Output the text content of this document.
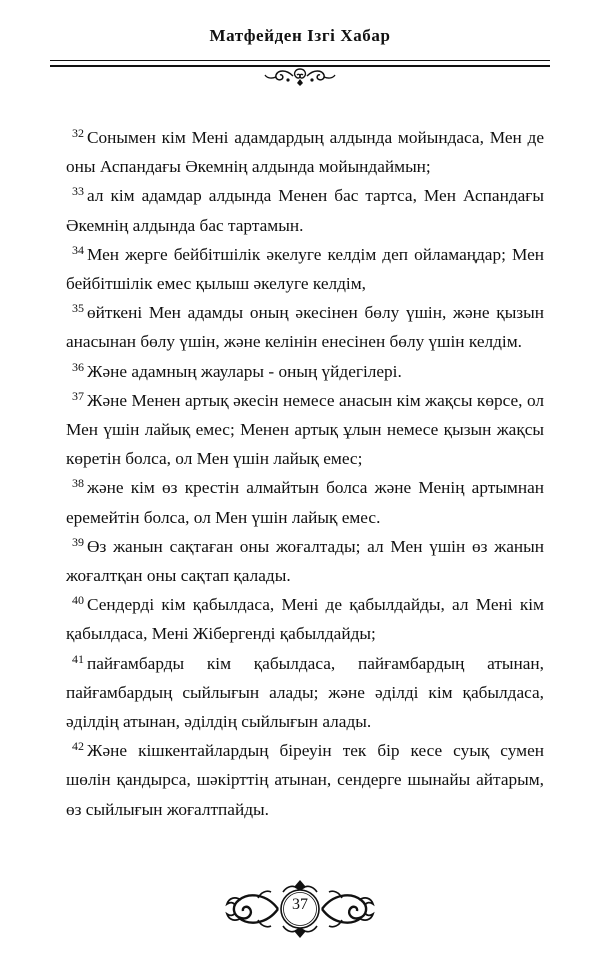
Матфейден Ізгі Хабар

$^{32}$ Сонымен кім Мені адамдардың алдында мойындаса, Мен де оны Аспандағы Әкемнің алдында мойындаймын;

$^{33}$ ал кім адамдар алдында Менен бас тартса, Мен Аспандағы Әкемнің алдында бас тартамын.

$^{34}$ Мен жерге бейбітшілік әкелуге келдім деп ойламаңдар; Мен бейбітшілік емес қылыш әкелуге келдім,

$^{35}$ өйткені Мен адамды оның әкесінен бөлу үшін, және қызын анасынан бөлу үшін, және келінін енесінен бөлу үшін келдім.

$^{36}$ Және адамның жаулары - оның үйдегілері.

$^{37}$ Және Менен артық әкесін немесе анасын кім жақсы көрсе, ол Мен үшін лайық емес; Менен артық ұлын немесе қызын жақсы көретін болса, ол Мен үшін лайық емес;

$^{38}$ және кім өз крестін алмайтын болса және Менің артымнан еремейтін болса, ол Мен үшін лайық емес.

$^{39}$ Өз жанын сақтаған оны жоғалтады; ал Мен үшін өз жанын жоғалтқан оны сақтап қалады.

$^{40}$ Сендерді кім қабылдаса, Мені де қабылдайды, ал Мені кім қабылдаса, Мені Жібергенді қабылдайды;

$^{41}$ пайғамбарды кім қабылдаса, пайғамбардың атынан, пайғамбардың сыйлығын алады; және әділді кім қабылдаса, әділдің атынан, әділдің сыйлығын алады.

$^{42}$ Және кішкентайлардың біреуін тек бір кесе суық сумен шөлін қандырса, шәкірттің атынан, сендерге шынайы айтарым, өз сыйлығын жоғалтпайды.

37
